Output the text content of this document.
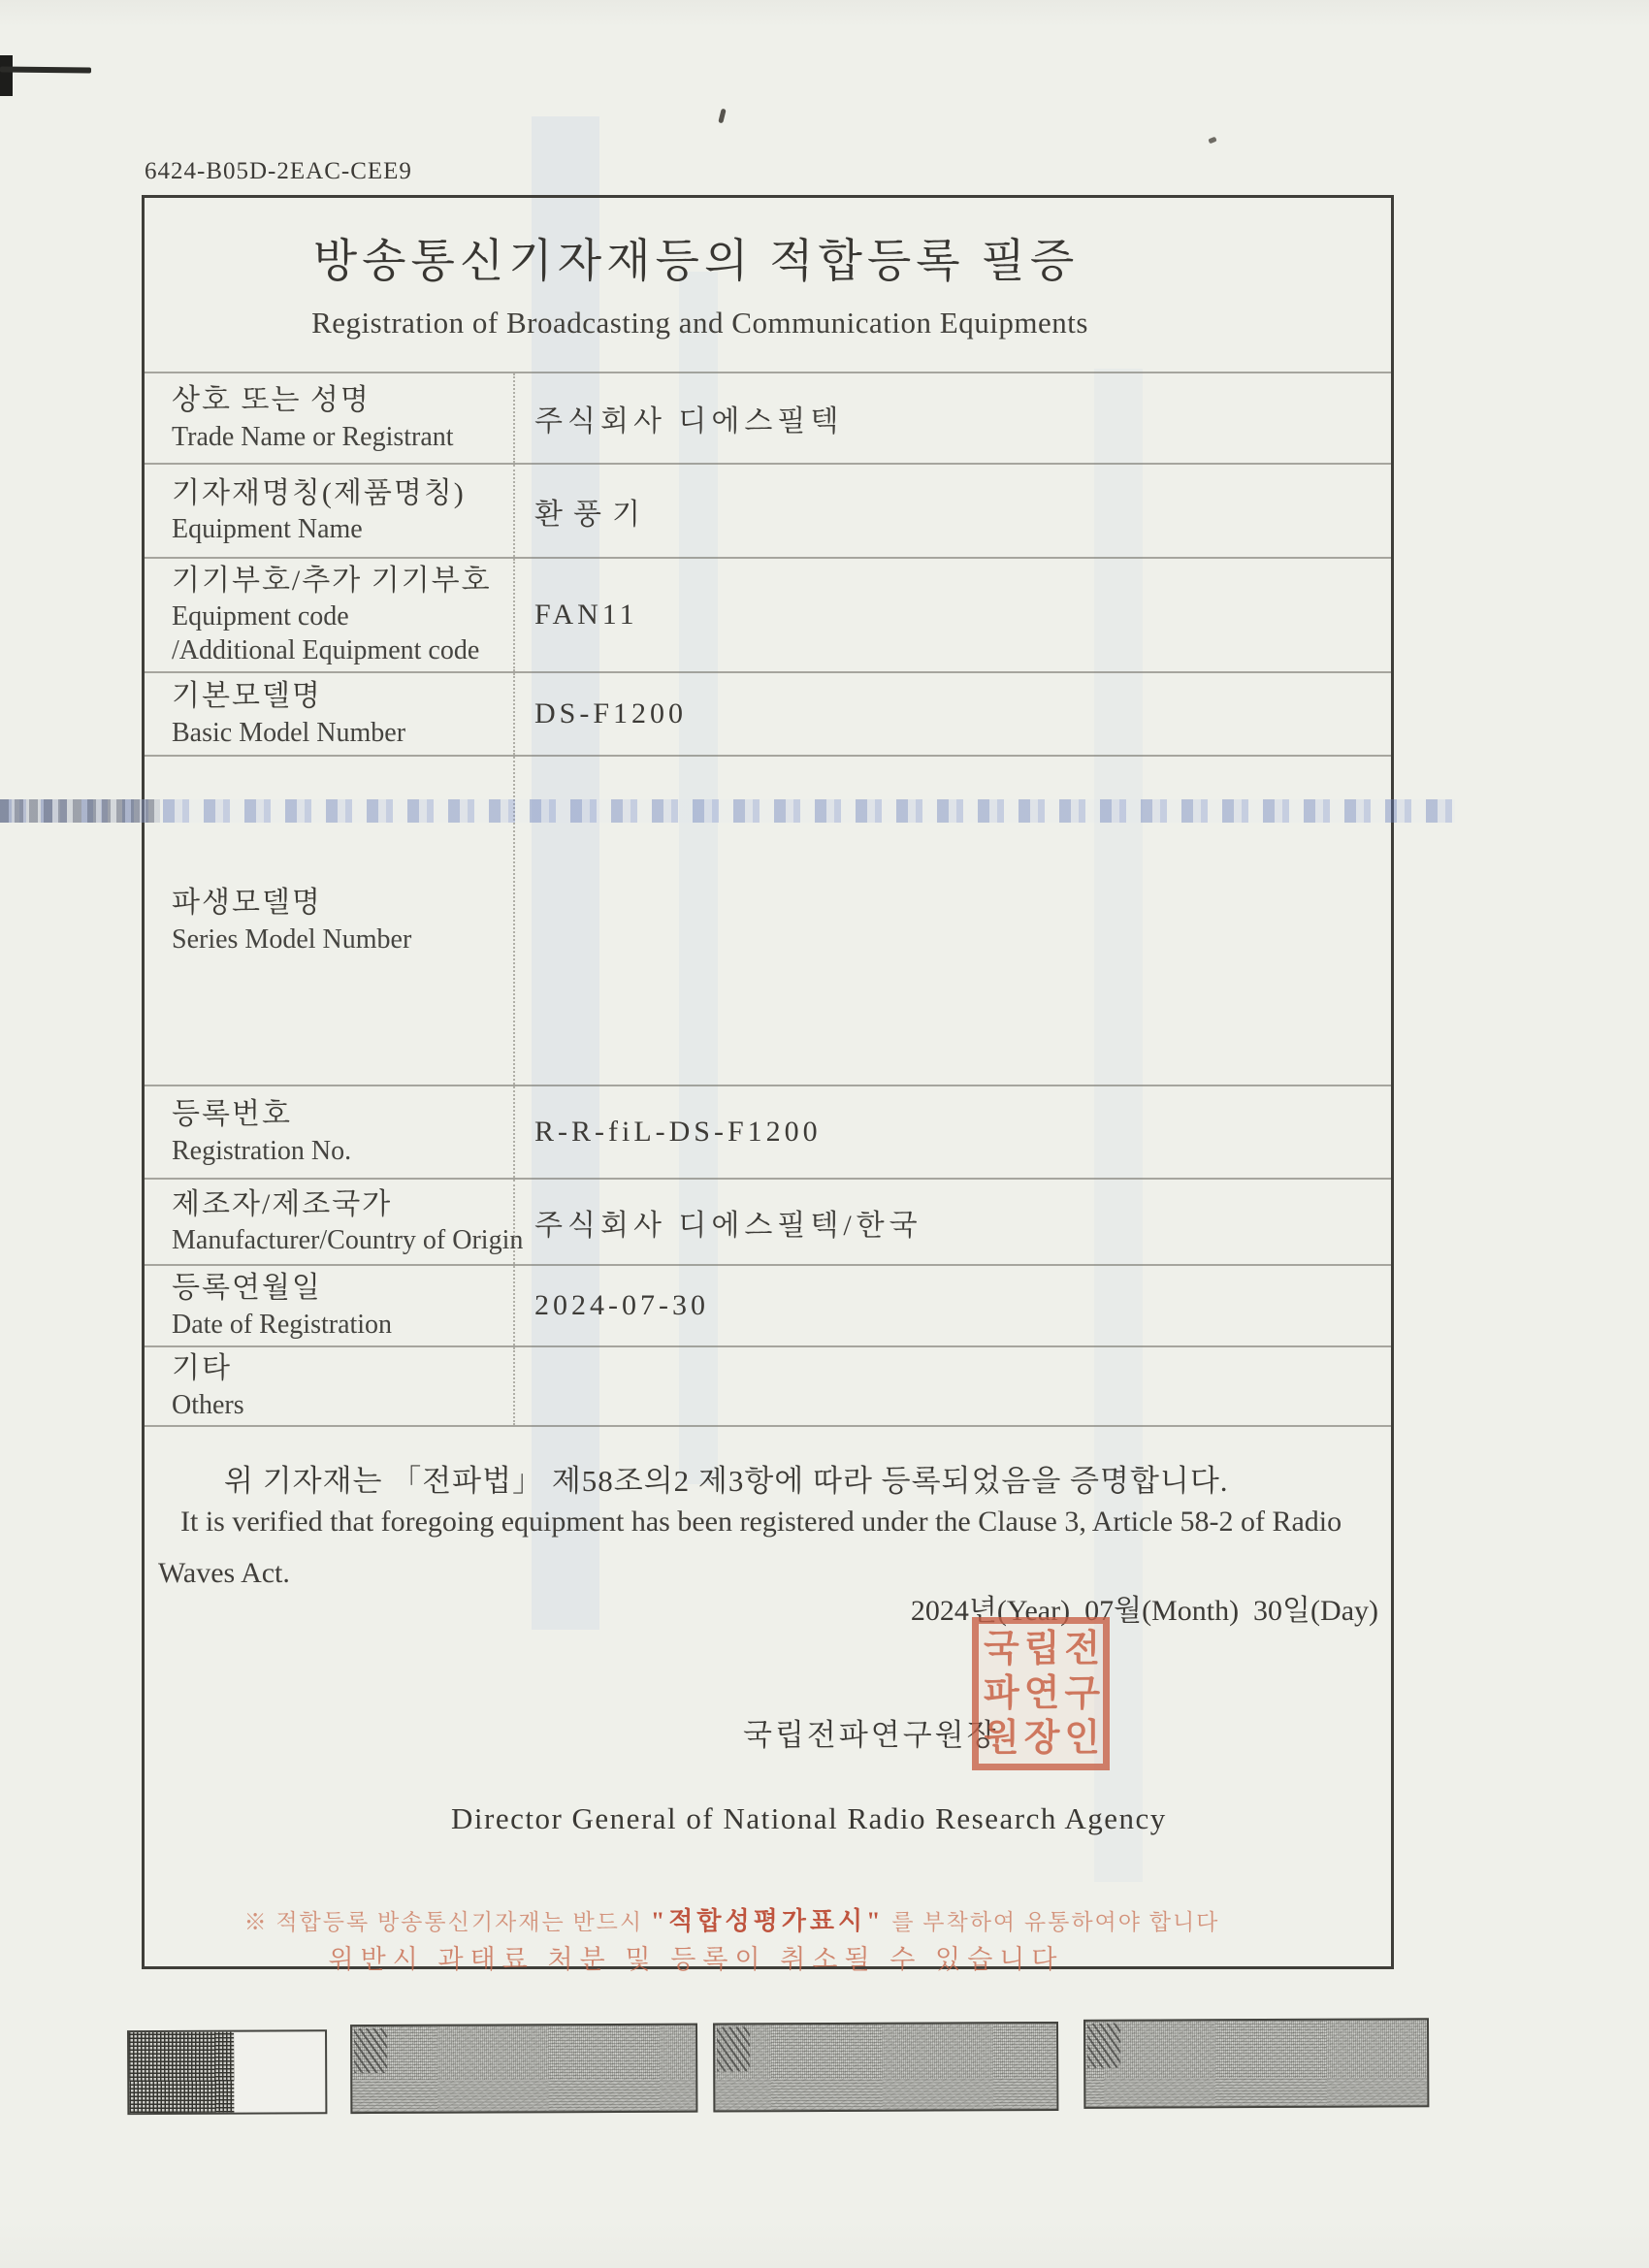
6424-B05D-2EAC-CEE9
방송통신기자재등의 적합등록 필증
Registration of Broadcasting and Communication Equipments
상호 또는 성명
Trade Name or Registrant	주식회사 디에스필텍
기자재명칭(제품명칭)
Equipment Name	환풍기
기기부호/추가 기기부호
Equipment code
/Additional Equipment code
FAN11
기본모델명
Basic Model Number
DS-F1200
파생모델명
Series Model Number
등록번호
Registration No.
R-R-fiL-DS-F1200
제조자/제조국가
Manufacturer/Country of Origin 주식회사 디에스필텍/한국
등록연월일
Date of Registration
2024-07-30
기타
Others
위 기자재는 「전파법」 제58조의2 제3항에 따라 등록되었음을 증명합니다.
It is verified that foregoing equipment has been registered under the Clause 3, Article 58-2 of Radio
Waves Act.
2024년(Year)  07월(Month)  30일(Day)
국립전파연구원장
국립전
파연구
원장인
Director General of National Radio Research Agency
※ 적합등록 방송통신기자재는 반드시 "적합성평가표시" 를 부착하여 유통하여야 합니다
위반시 과태료 처분 및 등록이 취소될 수 있습니다
